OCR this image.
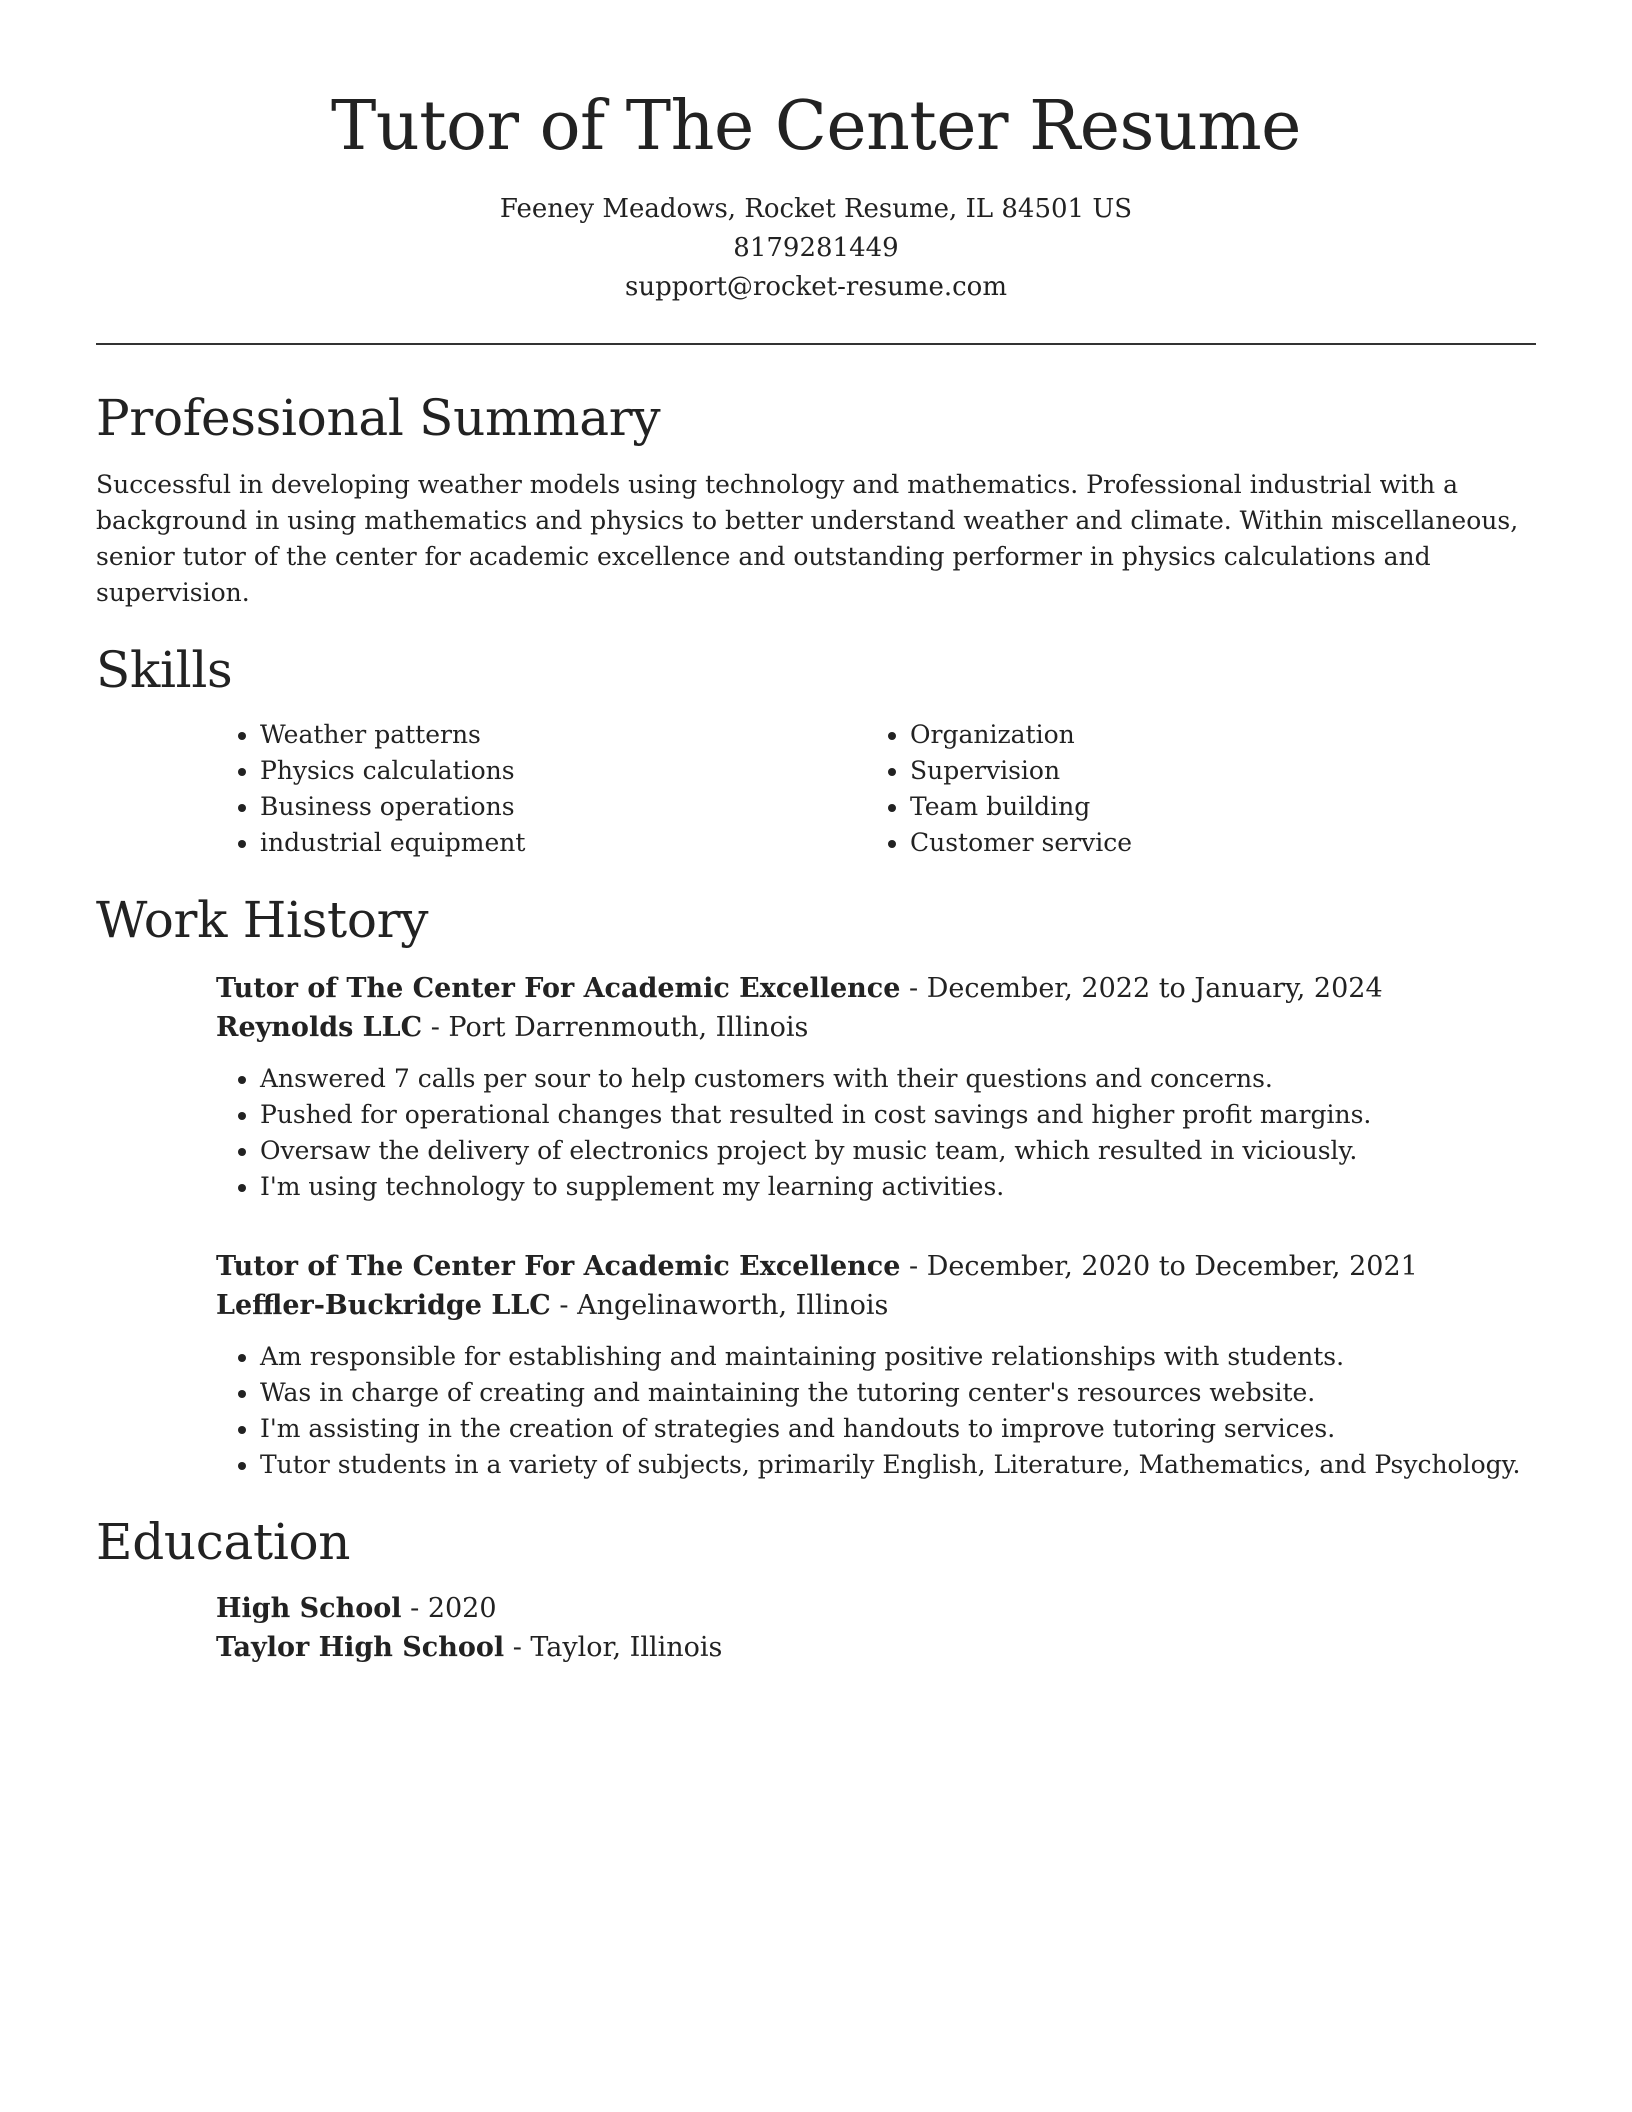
Tutor of The Center Resume
Feeney Meadows, Rocket Resume, IL 84501 US
8179281449
support@rocket-resume.com
Professional Summary

Successful in developing weather models using technology and mathematics. Professional industrial with a background in using mathematics and physics to better understand weather and climate. Within miscellaneous, senior tutor of the center for academic excellence and outstanding performer in physics calculations and supervision.

Skills
• Weather patterns
• Physics calculations
• Business operations
• industrial equipment
• Organization
• Supervision
• Team building
• Customer service
Work History
Tutor of The Center For Academic Excellence - December, 2022 to January, 2024
Reynolds LLC - Port Darrenmouth, Illinois
• Answered 7 calls per sour to help customers with their questions and concerns.
• Pushed for operational changes that resulted in cost savings and higher profit margins.
• Oversaw the delivery of electronics project by music team, which resulted in viciously.
• I'm using technology to supplement my learning activities.
Tutor of The Center For Academic Excellence - December, 2020 to December, 2021
Leffler-Buckridge LLC - Angelinaworth, Illinois
• Am responsible for establishing and maintaining positive relationships with students.
• Was in charge of creating and maintaining the tutoring center's resources website.
• I'm assisting in the creation of strategies and handouts to improve tutoring services.
• Tutor students in a variety of subjects, primarily English, Literature, Mathematics, and Psychology.
Education
High School - 2020
Taylor High School - Taylor, Illinois
